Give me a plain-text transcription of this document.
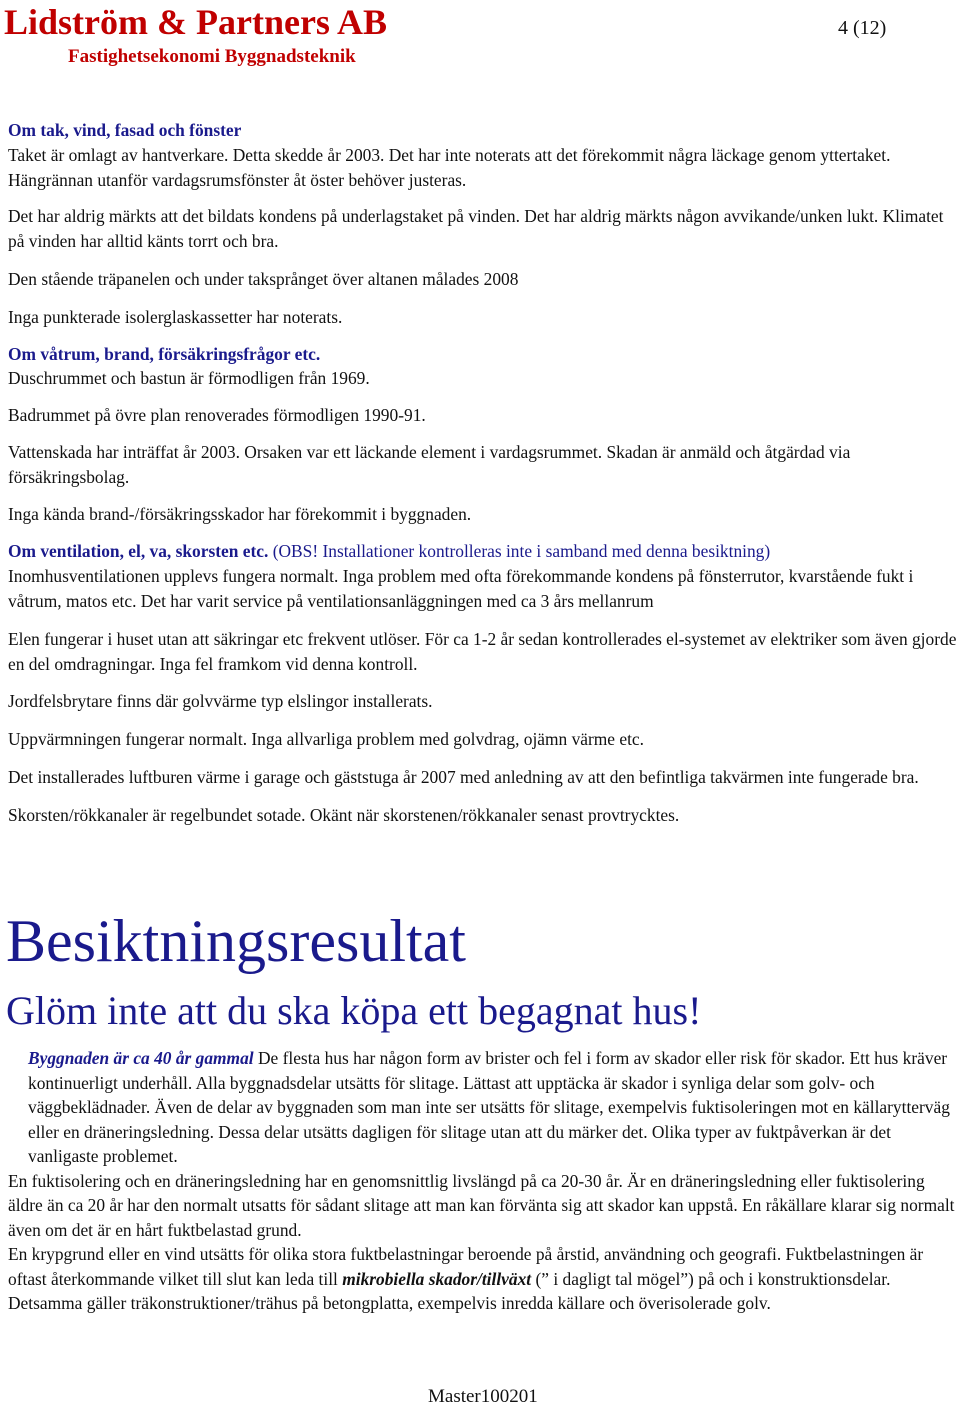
Lidström & Partners AB
Fastighetsekonomi Byggnadsteknik
4 (12)

Om tak, vind, fasad och fönster

Taket är omlagt av hantverkare. Detta skedde år 2003. Det har inte noterats att det förekommit några läckage genom yttertaket. Hängrännan utanför vardagsrumsfönster åt öster behöver justeras.

Det har aldrig märkts att det bildats kondens på underlagstaket på vinden. Det har aldrig märkts någon avvikande/unken lukt. Klimatet på vinden har alltid känts torrt och bra.

Den stående träpanelen och under taksprånget över altanen målades 2008

Inga punkterade isolerglaskassetter har noterats.

Om våtrum, brand, försäkringsfrågor etc.

Duschrummet och bastun är förmodligen från 1969.

Badrummet på övre plan renoverades förmodligen 1990-91.

Vattenskada har inträffat år 2003. Orsaken var ett läckande element i vardagsrummet. Skadan är anmäld och åtgärdad via försäkringsbolag.

Inga kända brand-/försäkringsskador har förekommit i byggnaden.

Om ventilation, el, va, skorsten etc. (OBS! Installationer kontrolleras inte i samband med denna besiktning)

Inomhusventilationen upplevs fungera normalt. Inga problem med ofta förekommande kondens på fönsterrutor, kvarstående fukt i våtrum, matos etc. Det har varit service på ventilationsanläggningen med ca 3 års mellanrum

Elen fungerar i huset utan att säkringar etc frekvent utlöser. För ca 1-2 år sedan kontrollerades el-systemet av elektriker som även gjorde en del omdragningar. Inga fel framkom vid denna kontroll.

Jordfelsbrytare finns där golvvärme typ elslingor installerats.

Uppvärmningen fungerar normalt. Inga allvarliga problem med golvdrag, ojämn värme etc.

Det installerades luftburen värme i garage och gäststuga år 2007 med anledning av att den befintliga takvärmen inte fungerade bra.

Skorsten/rökkanaler är regelbundet sotade. Okänt när skorstenen/rökkanaler senast provtrycktes.

Besiktningsresultat
Glöm inte att du ska köpa ett begagnat hus!

Byggnaden är ca 40 år gammal De flesta hus har någon form av brister och fel i form av skador eller risk för skador. Ett hus kräver kontinuerligt underhåll. Alla byggnadsdelar utsätts för slitage. Lättast att upptäcka är skador i synliga delar som golv- och väggbeklädnader. Även de delar av byggnaden som man inte ser utsätts för slitage, exempelvis fuktisoleringen mot en källarytterväg eller en dräneringsledning. Dessa delar utsätts dagligen för slitage utan att du märker det. Olika typer av fuktpåverkan är det vanligaste problemet.

En fuktisolering och en dräneringsledning har en genomsnittlig livslängd på ca 20-30 år. Är en dräneringsledning eller fuktisolering äldre än ca 20 år har den normalt utsatts för sådant slitage att man kan förvänta sig att skador kan uppstå. En råkällare klarar sig normalt även om det är en hårt fuktbelastad grund.

En krypgrund eller en vind utsätts för olika stora fuktbelastningar beroende på årstid, användning och geografi. Fuktbelastningen är oftast återkommande vilket till slut kan leda till mikrobiella skador/tillväxt (” i dagligt tal mögel”) på och i konstruktionsdelar. Detsamma gäller träkonstruktioner/trähus på betongplatta, exempelvis inredda källare och överisolerade golv.

Master100201
